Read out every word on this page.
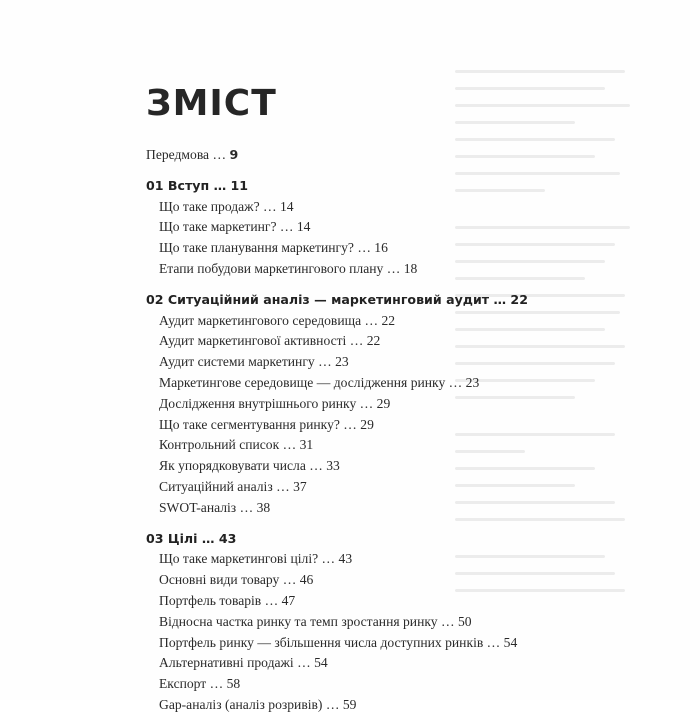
ЗМІСТ
Передмова … 9
01 Вступ … 11
Що таке продаж? … 14
Що таке маркетинг? … 14
Що таке планування маркетингу? … 16
Етапи побудови маркетингового плану … 18
02 Ситуаційний аналіз — маркетинговий аудит … 22
Аудит маркетингового середовища … 22
Аудит маркетингової активності … 22
Аудит системи маркетингу … 23
Маркетингове середовище — дослідження ринку … 23
Дослідження внутрішнього ринку … 29
Що таке сегментування ринку? … 29
Контрольний список … 31
Як упорядковувати числа … 33
Ситуаційний аналіз … 37
SWOT-аналіз … 38
03 Цілі … 43
Що таке маркетингові цілі? … 43
Основні види товару … 46
Портфель товарів … 47
Відносна частка ринку та темп зростання ринку … 50
Портфель ринку — збільшення числа доступних ринків … 54
Альтернативні продажі … 54
Експорт … 58
Gap-аналіз (аналіз розривів) … 59
